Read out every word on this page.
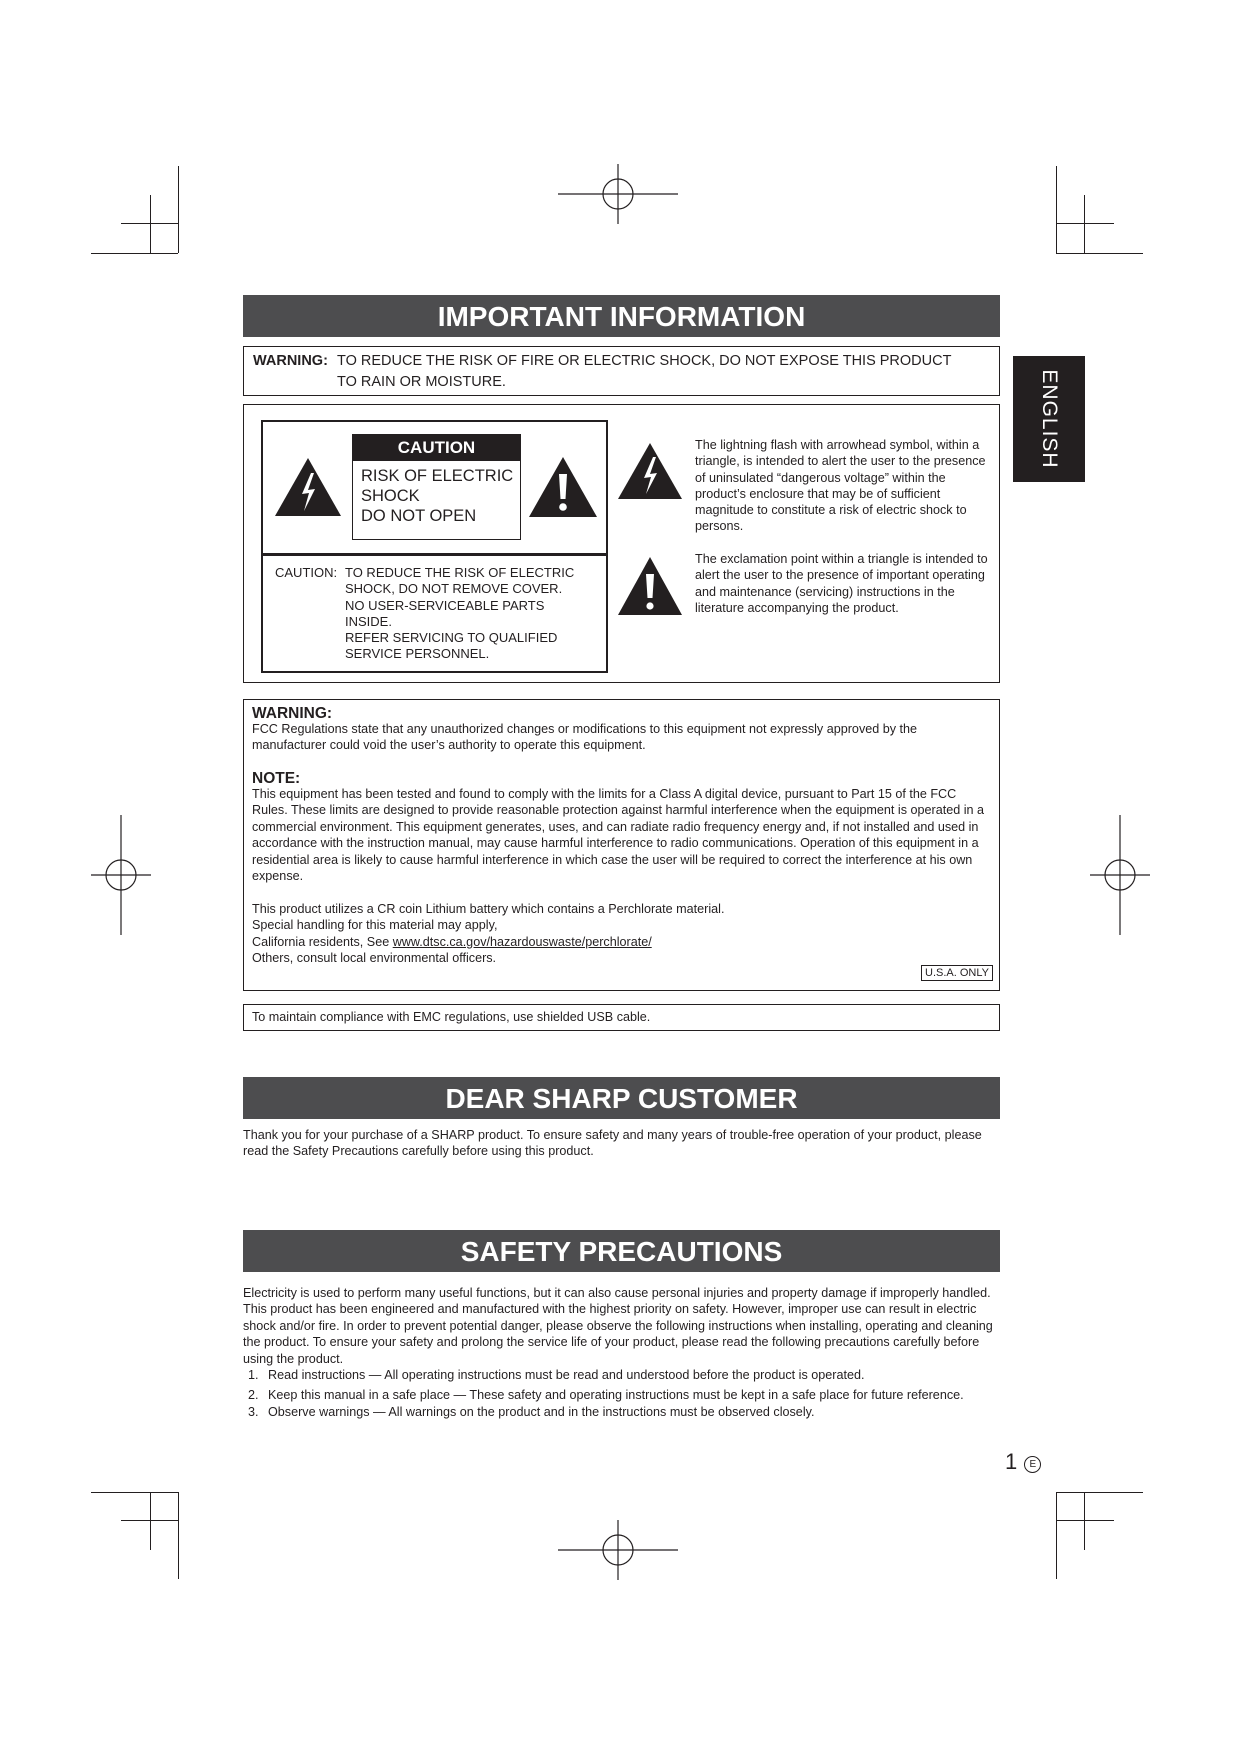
ENGLISH
IMPORTANT INFORMATION
WARNING: TO REDUCE THE RISK OF FIRE OR ELECTRIC SHOCK, DO NOT EXPOSE THIS PRODUCT
TO RAIN OR MOISTURE.
CAUTION
RISK OF ELECTRIC
SHOCK
DO NOT OPEN
CAUTION: TO REDUCE THE RISK OF ELECTRIC
SHOCK, DO NOT REMOVE COVER.
NO USER-SERVICEABLE PARTS
INSIDE.
REFER SERVICING TO QUALIFIED
SERVICE PERSONNEL.
The lightning flash with arrowhead symbol, within a triangle, is intended to alert the user to the presence of uninsulated “dangerous voltage” within the product’s enclosure that may be of sufficient magnitude to constitute a risk of electric shock to persons.
The exclamation point within a triangle is intended to alert the user to the presence of important operating and maintenance (servicing) instructions in the literature accompanying the product.
WARNING:
FCC Regulations state that any unauthorized changes or modifications to this equipment not expressly approved by the manufacturer could void the user’s authority to operate this equipment.
NOTE:
This equipment has been tested and found to comply with the limits for a Class A digital device, pursuant to Part 15 of the FCC Rules. These limits are designed to provide reasonable protection against harmful interference when the equipment is operated in a commercial environment. This equipment generates, uses, and can radiate radio frequency energy and, if not installed and used in accordance with the instruction manual, may cause harmful interference to radio communications. Operation of this equipment in a residential area is likely to cause harmful interference in which case the user will be required to correct the interference at his own expense.
This product utilizes a CR coin Lithium battery which contains a Perchlorate material.
Special handling for this material may apply,
California residents, See www.dtsc.ca.gov/hazardouswaste/perchlorate/
Others, consult local environmental officers.
U.S.A. ONLY
To maintain compliance with EMC regulations, use shielded USB cable.
DEAR SHARP CUSTOMER
Thank you for your purchase of a SHARP product. To ensure safety and many years of trouble-free operation of your product, please read the Safety Precautions carefully before using this product.
SAFETY PRECAUTIONS
Electricity is used to perform many useful functions, but it can also cause personal injuries and property damage if improperly handled. This product has been engineered and manufactured with the highest priority on safety. However, improper use can result in electric shock and/or fire. In order to prevent potential danger, please observe the following instructions when installing, operating and cleaning the product. To ensure your safety and prolong the service life of your product, please read the following precautions carefully before using the product.
1. Read instructions — All operating instructions must be read and understood before the product is operated.
2. Keep this manual in a safe place — These safety and operating instructions must be kept in a safe place for future reference.
3. Observe warnings — All warnings on the product and in the instructions must be observed closely.
1 E
